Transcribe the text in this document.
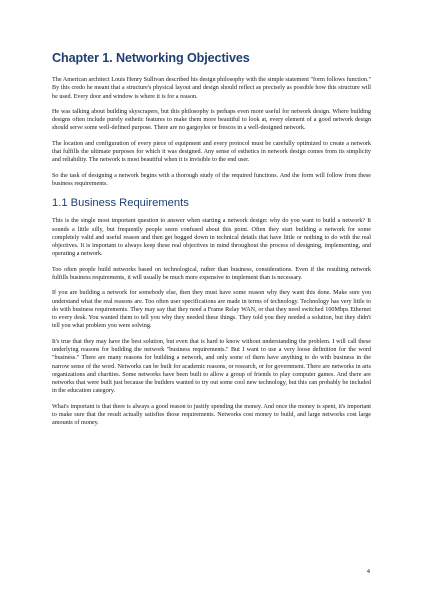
Chapter 1. Networking Objectives

The American architect Louis Henry Sullivan described his design philosophy with the simple statement "form follows function." By this credo he meant that a structure's physical layout and design should reflect as precisely as possible how this structure will be used. Every door and window is where it is for a reason.

He was talking about building skyscrapers, but this philosophy is perhaps even more useful for network design. Where building designs often include purely esthetic features to make them more beautiful to look at, every element of a good network design should serve some well-defined purpose. There are no gargoyles or frescos in a well-designed network.

The location and configuration of every piece of equipment and every protocol must be carefully optimized to create a network that fulfills the ultimate purposes for which it was designed. Any sense of esthetics in network design comes from its simplicity and reliability. The network is most beautiful when it is invisible to the end user.

So the task of designing a network begins with a thorough study of the required functions. And the form will follow from these business requirements.

1.1 Business Requirements

This is the single most important question to answer when starting a network design: why do you want to build a network? It sounds a little silly, but frequently people seem confused about this point. Often they start building a network for some completely valid and useful reason and then get bogged down in technical details that have little or nothing to do with the real objectives. It is important to always keep these real objectives in mind throughout the process of designing, implementing, and operating a network.

Too often people build networks based on technological, rather than business, considerations. Even if the resulting network fulfills business requirements, it will usually be much more expensive to implement than is necessary.

If you are building a network for somebody else, then they must have some reason why they want this done. Make sure you understand what the real reasons are. Too often user specifications are made in terms of technology. Technology has very little to do with business requirements. They may say that they need a Frame Relay WAN, or that they need switched 100Mbps Ethernet to every desk. You wanted them to tell you why they needed these things. They told you they needed a solution, but they didn't tell you what problem you were solving.

It's true that they may have the best solution, but even that is hard to know without understanding the problem. I will call these underlying reasons for building the network "business requirements." But I want to use a very loose definition for the word "business." There are many reasons for building a network, and only some of them have anything to do with business in the narrow sense of the word. Networks can be built for academic reasons, or research, or for government. There are networks in arts organizations and charities. Some networks have been built to allow a group of friends to play computer games. And there are networks that were built just because the builders wanted to try out some cool new technology, but this can probably be included in the education category.

What's important is that there is always a good reason to justify spending the money. And once the money is spent, it's important to make sure that the result actually satisfies those requirements. Networks cost money to build, and large networks cost large amounts of money.

4
